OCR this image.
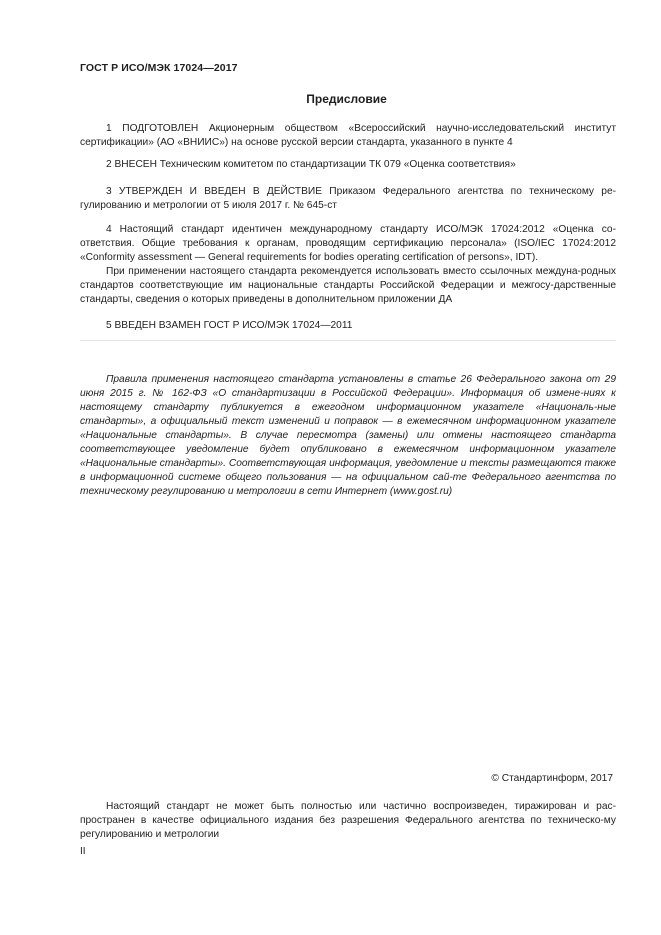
ГОСТ Р ИСО/МЭК 17024—2017
Предисловие

1 ПОДГОТОВЛЕН Акционерным обществом «Всероссийский научно-исследовательский институт сертификации» (АО «ВНИИС») на основе русской версии стандарта, указанного в пункте 4

2 ВНЕСЕН Техническим комитетом по стандартизации ТК 079 «Оценка соответствия»

3 УТВЕРЖДЕН И ВВЕДЕН В ДЕЙСТВИЕ Приказом Федерального агентства по техническому ре-гулированию и метрологии от 5 июля 2017 г. № 645-ст

4 Настоящий стандарт идентичен международному стандарту ИСО/МЭК 17024:2012 «Оценка со-ответствия. Общие требования к органам, проводящим сертификацию персонала» (ISO/IEC 17024:2012 «Conformity assessment — General requirements for bodies operating certification of persons», IDT).

При применении настоящего стандарта рекомендуется использовать вместо ссылочных междуна-родных стандартов соответствующие им национальные стандарты Российской Федерации и межгосу-дарственные стандарты, сведения о которых приведены в дополнительном приложении ДА

5 ВВЕДЕН ВЗАМЕН ГОСТ Р ИСО/МЭК 17024—2011

Правила применения настоящего стандарта установлены в статье 26 Федерального закона от 29 июня 2015 г. № 162-ФЗ «О стандартизации в Российской Федерации». Информация об измене-ниях к настоящему стандарту публикуется в ежегодном информационном указателе «Националь-ные стандарты», а официальный текст изменений и поправок — в ежемесячном информационном указателе «Национальные стандарты». В случае пересмотра (замены) или отмены настоящего стандарта соответствующее уведомление будет опубликовано в ежемесячном информационном указателе «Национальные стандарты». Соответствующая информация, уведомление и тексты размещаются также в информационной системе общего пользования — на официальном сай-те Федерального агентства по техническому регулированию и метрологии в сети Интернет (www.gost.ru)

© Стандартинформ, 2017

Настоящий стандарт не может быть полностью или частично воспроизведен, тиражирован и рас-пространен в качестве официального издания без разрешения Федерального агентства по техническо-му регулированию и метрологии

II
